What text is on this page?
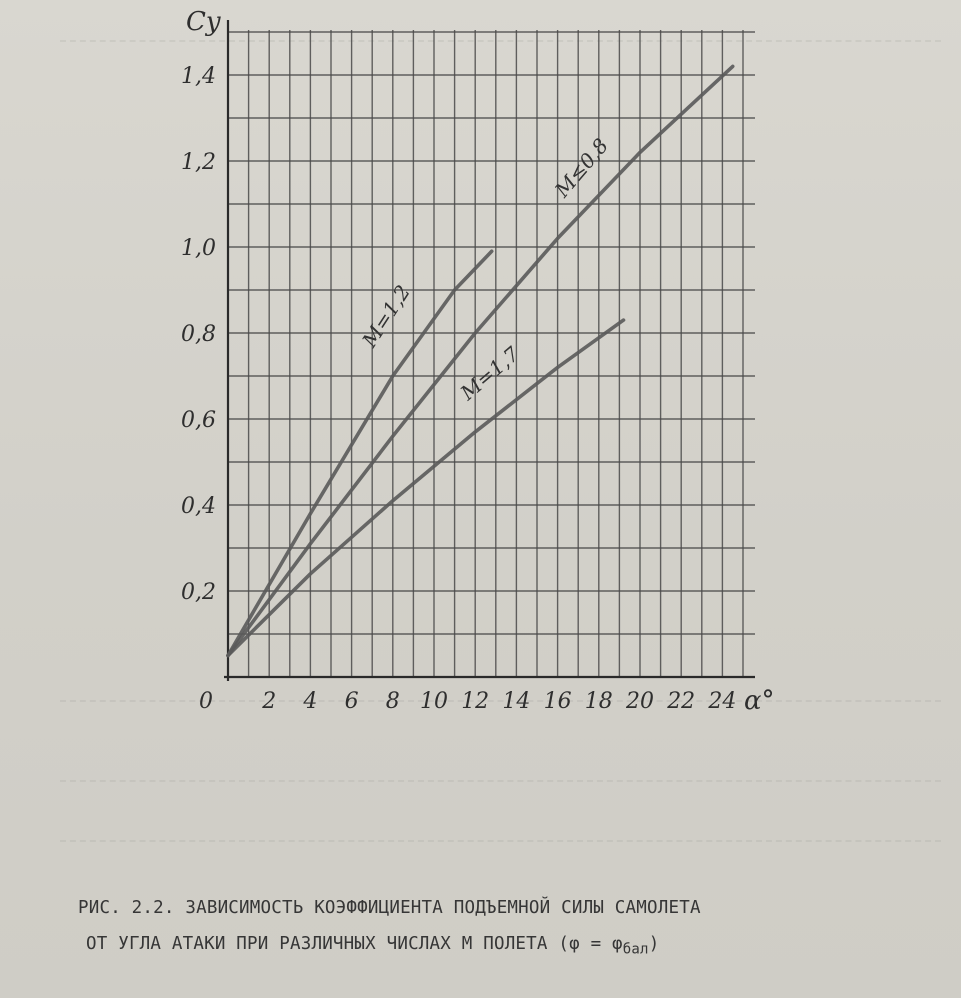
0,2
0,4
0,6
0,8
1,0
1,2
1,4
0 2 4 6 8 10 12 14 16 18 20 22 24
Cy
α°
M≤0,8
M=1,2
M=1,7
РИС. 2.2. ЗАВИСИМОСТЬ КОЭФФИЦИЕНТА ПОДЪЕМНОЙ СИЛЫ САМОЛЕТА
ОТ УГЛА АТАКИ ПРИ РАЗЛИЧНЫХ ЧИСЛАХ М ПОЛЕТА $(\varphi = \varphi_{бал})$
